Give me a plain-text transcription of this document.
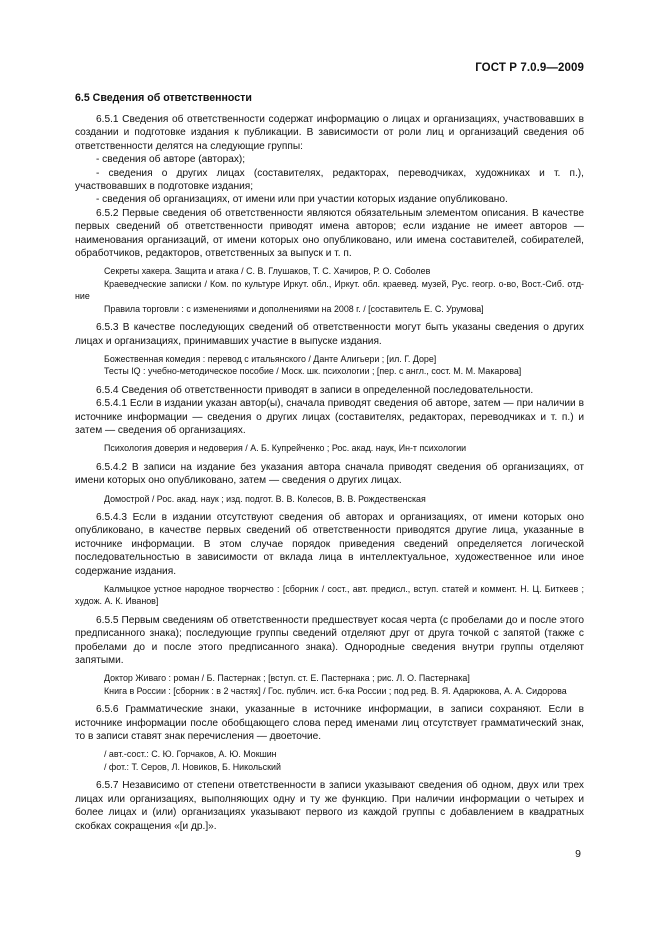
ГОСТ Р 7.0.9—2009
6.5 Сведения об ответственности

6.5.1 Сведения об ответственности содержат информацию о лицах и организациях, участвовавших в создании и подготовке издания к публикации. В зависимости от роли лиц и организаций сведения об ответственности делятся на следующие группы:

- сведения об авторе (авторах);

- сведения о других лицах (составителях, редакторах, переводчиках, художниках и т. п.), участвовавших в подготовке издания;

- сведения об организациях, от имени или при участии которых издание опубликовано.

6.5.2 Первые сведения об ответственности являются обязательным элементом описания. В качестве первых сведений об ответственности приводят имена авторов; если издание не имеет авторов — наименования организаций, от имени которых оно опубликовано, или имена составителей, собирателей, обработчиков, редакторов, ответственных за выпуск и т. п.

Секреты хакера. Защита и атака / С. В. Глушаков, Т. С. Хачиров, Р. О. Соболев

Краеведческие записки / Ком. по культуре Иркут. обл., Иркут. обл. краевед. музей, Рус. геогр. о-во, Вост.-Сиб. отд-ние

Правила торговли : с изменениями и дополнениями на 2008 г. / [составитель Е. С. Урумова]

6.5.3 В качестве последующих сведений об ответственности могут быть указаны сведения о других лицах и организациях, принимавших участие в выпуске издания.

Божественная комедия : перевод с итальянского / Данте Алигьери ; [ил. Г. Доре]

Тесты IQ : учебно-методическое пособие / Моск. шк. психологии ; [пер. с англ., сост. М. М. Макарова]

6.5.4 Сведения об ответственности приводят в записи в определенной последовательности.

6.5.4.1 Если в издании указан автор(ы), сначала приводят сведения об авторе, затем — при наличии в источнике информации — сведения о других лицах (составителях, редакторах, переводчиках и т. п.) и затем — сведения об организациях.

Психология доверия и недоверия / А. Б. Купрейченко ; Рос. акад. наук, Ин-т психологии

6.5.4.2 В записи на издание без указания автора сначала приводят сведения об организациях, от имени которых оно опубликовано, затем — сведения о других лицах.

Домострой / Рос. акад. наук ; изд. подгот. В. В. Колесов, В. В. Рождественская

6.5.4.3 Если в издании отсутствуют сведения об авторах и организациях, от имени которых оно опубликовано, в качестве первых сведений об ответственности приводятся другие лица, указанные в источнике информации. В этом случае порядок приведения сведений определяется логической последовательностью в зависимости от вклада лица в интеллектуальное, художественное или иное содержание издания.

Калмыцкое устное народное творчество : [сборник / сост., авт. предисл., вступ. статей и коммент. Н. Ц. Биткеев ; худож. А. К. Иванов]

6.5.5 Первым сведениям об ответственности предшествует косая черта (с пробелами до и после этого предписанного знака); последующие группы сведений отделяют друг от друга точкой с запятой (также с пробелами до и после этого предписанного знака). Однородные сведения внутри группы отделяют запятыми.

Доктор Живаго : роман / Б. Пастернак ; [вступ. ст. Е. Пастернака ; рис. Л. О. Пастернака]

Книга в России : [сборник : в 2 частях] / Гос. публич. ист. б-ка России ; под ред. В. Я. Адарюкова, А. А. Сидорова

6.5.6 Грамматические знаки, указанные в источнике информации, в записи сохраняют. Если в источнике информации после обобщающего слова перед именами лиц отсутствует грамматический знак, то в записи ставят знак перечисления — двоеточие.

/ авт.-сост.: С. Ю. Горчаков, А. Ю. Мокшин

/ фот.: Т. Серов, Л. Новиков, Б. Никольский

6.5.7 Независимо от степени ответственности в записи указывают сведения об одном, двух или трех лицах или организациях, выполняющих одну и ту же функцию. При наличии информации о четырех и более лицах и (или) организациях указывают первого из каждой группы с добавлением в квадратных скобках сокращения «[и др.]».

9
